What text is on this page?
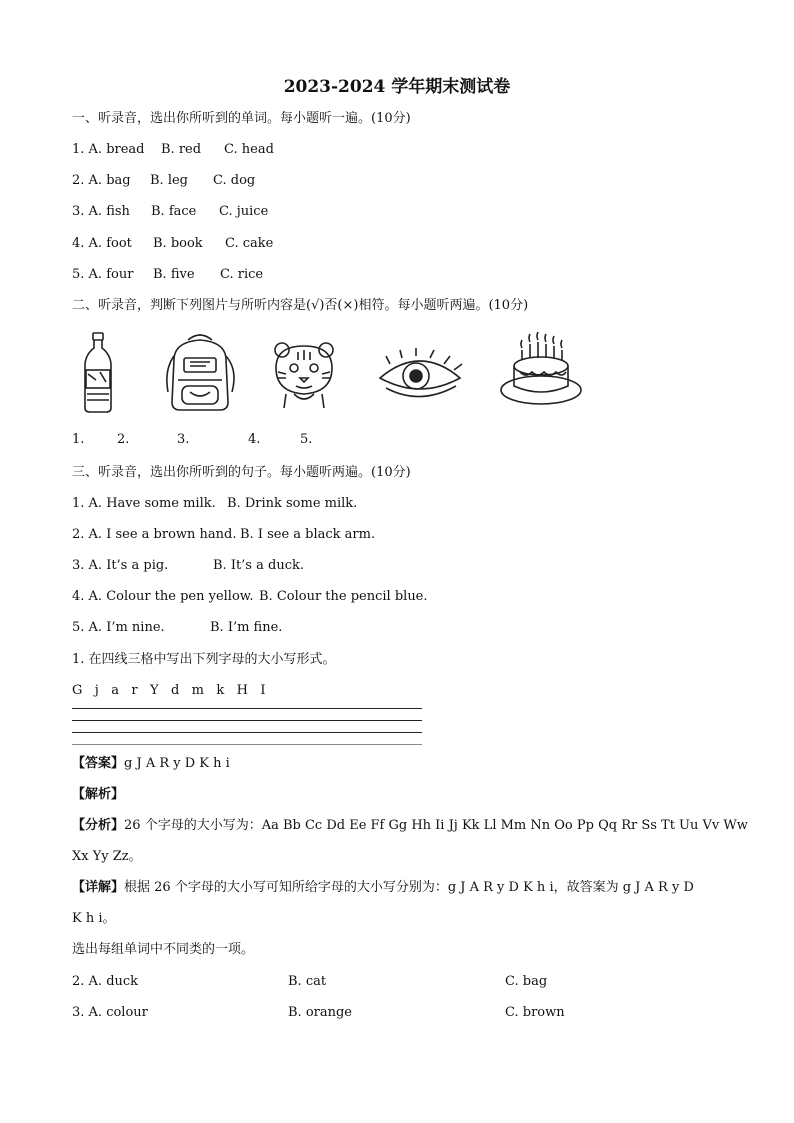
2023-2024 学年期末测试卷
一、听录音，选出你所听到的单词。每小题听一遍。(10分)
1. A. bread B. red C. head
2. A. bag B. leg C. dog
3. A. fish B. face C. juice
4. A. foot B. book C. cake
5. A. four B. five C. rice
二、听录音，判断下列图片与所听内容是(√)否(×)相符。每小题听两遍。(10分)
1.	2.	3.	4.	5.
三、听录音，选出你所听到的句子。每小题听两遍。(10分)
1. A. Have some milk. B. Drink some milk.
2. A. I see a brown hand. B. I see a black arm.
3. A. It’s a pig.	B. It’s a duck.
4. A. Colour the pen yellow. B. Colour the pencil blue.
5. A. I’m nine.	B. I’m fine.
1. 在四线三格中写出下列字母的大小写形式。
G   j   a   r   Y   d   m   k   H   I
【答案】g J A R y D K h i
【解析】
【分析】26 个字母的大小写为：Aa Bb Cc Dd Ee Ff Gg Hh Ii Jj Kk Ll Mm Nn Oo Pp Qq Rr Ss Tt Uu Vv Ww
Xx Yy Zz。
【详解】根据 26 个字母的大小写可知所给字母的大小写分别为：g J A R y D K h i，故答案为 g J A R y D
K h i。
选出每组单词中不同类的一项。
2. A. duck	B. cat	C. bag
3. A. colour	B. orange	C. brown
